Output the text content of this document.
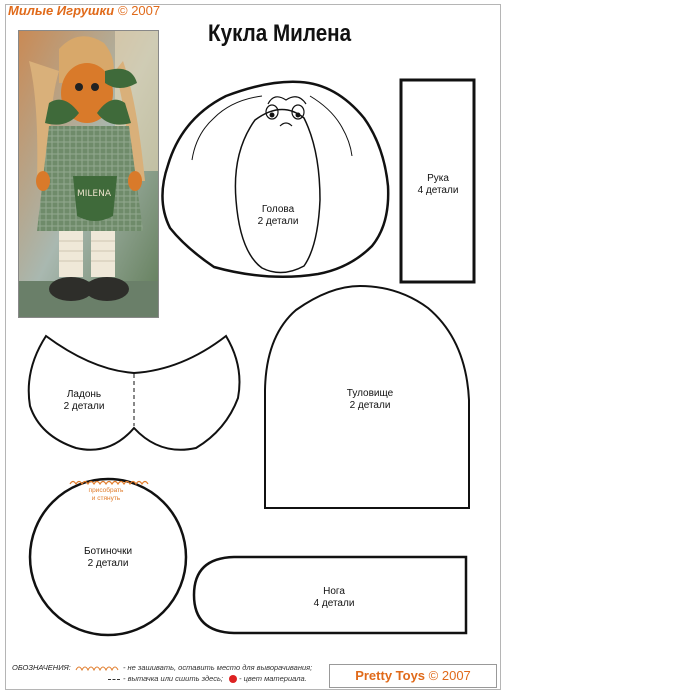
Милые Игрушки © 2007
Кукла Милена
MILENA
Голова
2 детали
Рука
4 детали
Ладонь
2 детали
Туловище
2 детали
присобрать
и стянуть
Ботиночки
2 детали
Нога
4 детали
ОБОЗНАЧЕНИЯ:	- не зашивать, оставить место для выворачивания;
- вытачка или сшить здесь; - цвет материала.	Pretty Toys © 2007
